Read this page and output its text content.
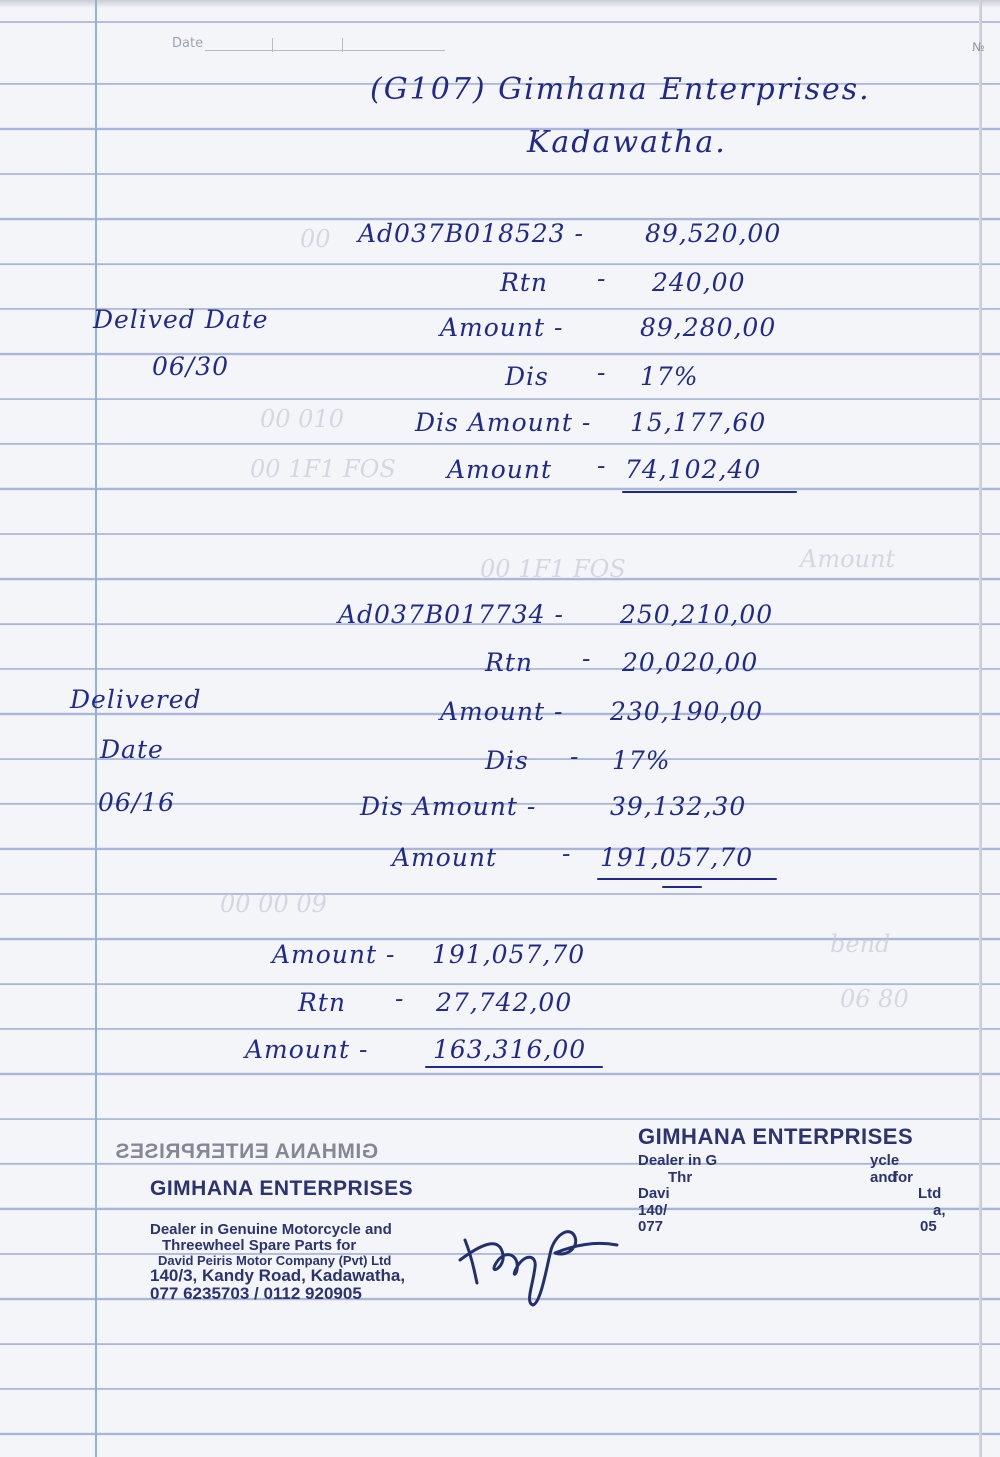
Date	№
00
00 010
00 1F1 FOS
00 1F1 FOS	Amount
bend
06 80
00 00 09
(G107) Gimhana Enterprises.
Kadawatha.
Ad037B018523 - 89,520,00
Rtn - 240,00
Delived Date
06/30
Amount -	89,280,00
Dis - 17%
Dis Amount - 15,177,60
Amount - 74,102,40
Ad037B017734 - 250,210,00
Rtn - 20,020,00
Delivered
Date
06/16
Amount - 230,190,00
Dis - 17%
Dis Amount -	39,132,30
Amount	- 191,057,70
Amount - 191,057,70
Rtn - 27,742,00
Amount -	163,316,00
GIMHANA ENTERPRISES
GIMHANA ENTERPRISES
Dealer in Genuine Motorcycle and
Threewheel Spare Parts for
David Peiris Motor Company (Pvt) Ltd
140/3, Kandy Road, Kadawatha,
077 6235703 / 0112 920905
GIMHANA ENTERPRISES
Dealer in G	ycle and
Thr	for
Davi	Ltd
140/	a,
077	05
